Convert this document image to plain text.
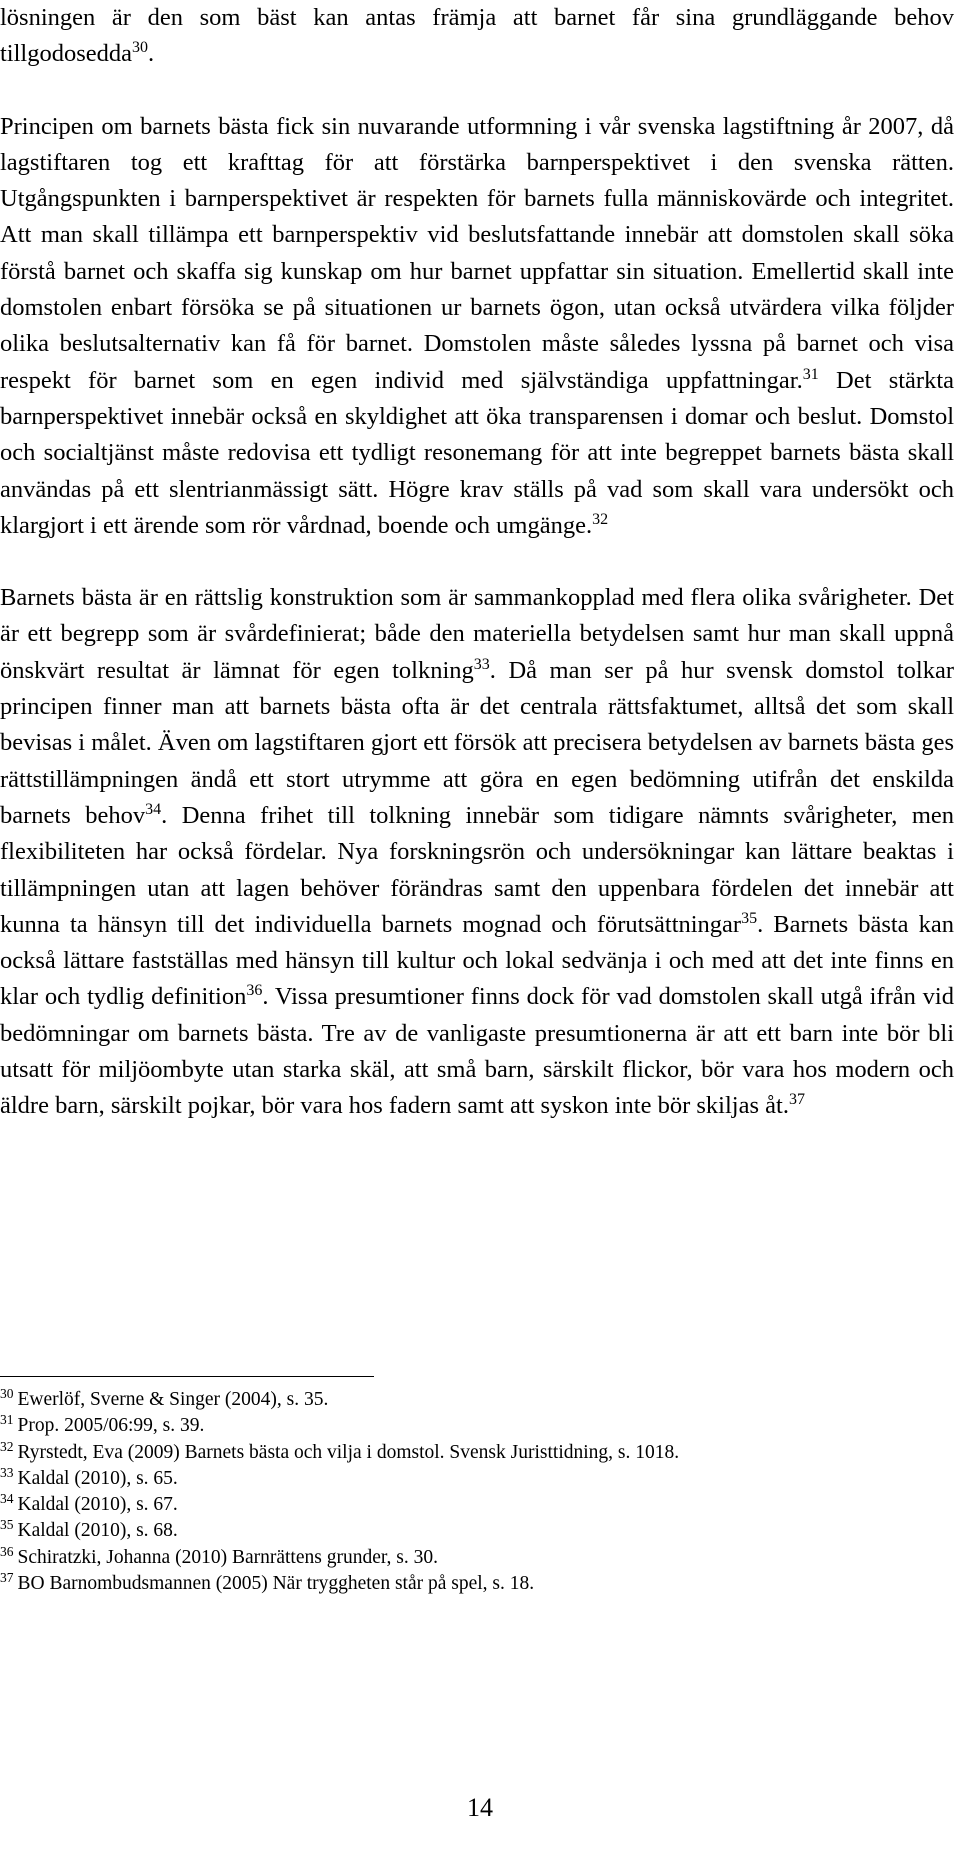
lösningen är den som bäst kan antas främja att barnet får sina grundläggande behov tillgodosedda$^{30}$.

Principen om barnets bästa fick sin nuvarande utformning i vår svenska lagstiftning år 2007, då lagstiftaren tog ett krafttag för att förstärka barnperspektivet i den svenska rätten. Utgångspunkten i barnperspektivet är respekten för barnets fulla människovärde och integritet. Att man skall tillämpa ett barnperspektiv vid beslutsfattande innebär att domstolen skall söka förstå barnet och skaffa sig kunskap om hur barnet uppfattar sin situation. Emellertid skall inte domstolen enbart försöka se på situationen ur barnets ögon, utan också utvärdera vilka följder olika beslutsalternativ kan få för barnet. Domstolen måste således lyssna på barnet och visa respekt för barnet som en egen individ med självständiga uppfattningar.$^{31}$ Det stärkta barnperspektivet innebär också en skyldighet att öka transparensen i domar och beslut. Domstol och socialtjänst måste redovisa ett tydligt resonemang för att inte begreppet barnets bästa skall användas på ett slentrianmässigt sätt. Högre krav ställs på vad som skall vara undersökt och klargjort i ett ärende som rör vårdnad, boende och umgänge.$^{32}$

Barnets bästa är en rättslig konstruktion som är sammankopplad med flera olika svårigheter. Det är ett begrepp som är svårdefinierat; både den materiella betydelsen samt hur man skall uppnå önskvärt resultat är lämnat för egen tolkning$^{33}$. Då man ser på hur svensk domstol tolkar principen finner man att barnets bästa ofta är det centrala rättsfaktumet, alltså det som skall bevisas i målet. Även om lagstiftaren gjort ett försök att precisera betydelsen av barnets bästa ges rättstillämpningen ändå ett stort utrymme att göra en egen bedömning utifrån det enskilda barnets behov$^{34}$. Denna frihet till tolkning innebär som tidigare nämnts svårigheter, men flexibiliteten har också fördelar. Nya forskningsrön och undersökningar kan lättare beaktas i tillämpningen utan att lagen behöver förändras samt den uppenbara fördelen det innebär att kunna ta hänsyn till det individuella barnets mognad och förutsättningar$^{35}$. Barnets bästa kan också lättare fastställas med hänsyn till kultur och lokal sedvänja i och med att det inte finns en klar och tydlig definition$^{36}$. Vissa presumtioner finns dock för vad domstolen skall utgå ifrån vid bedömningar om barnets bästa. Tre av de vanligaste presumtionerna är att ett barn inte bör bli utsatt för miljöombyte utan starka skäl, att små barn, särskilt flickor, bör vara hos modern och äldre barn, särskilt pojkar, bör vara hos fadern samt att syskon inte bör skiljas åt.$^{37}$

$^{30}$ Ewerlöf, Sverne & Singer (2004), s. 35.

$^{31}$ Prop. 2005/06:99, s. 39.

$^{32}$ Ryrstedt, Eva (2009) Barnets bästa och vilja i domstol. Svensk Juristtidning, s. 1018.

$^{33}$ Kaldal (2010), s. 65.

$^{34}$ Kaldal (2010), s. 67.

$^{35}$ Kaldal (2010), s. 68.

$^{36}$ Schiratzki, Johanna (2010) Barnrättens grunder, s. 30.

$^{37}$ BO Barnombudsmannen (2005) När tryggheten står på spel, s. 18.

14
